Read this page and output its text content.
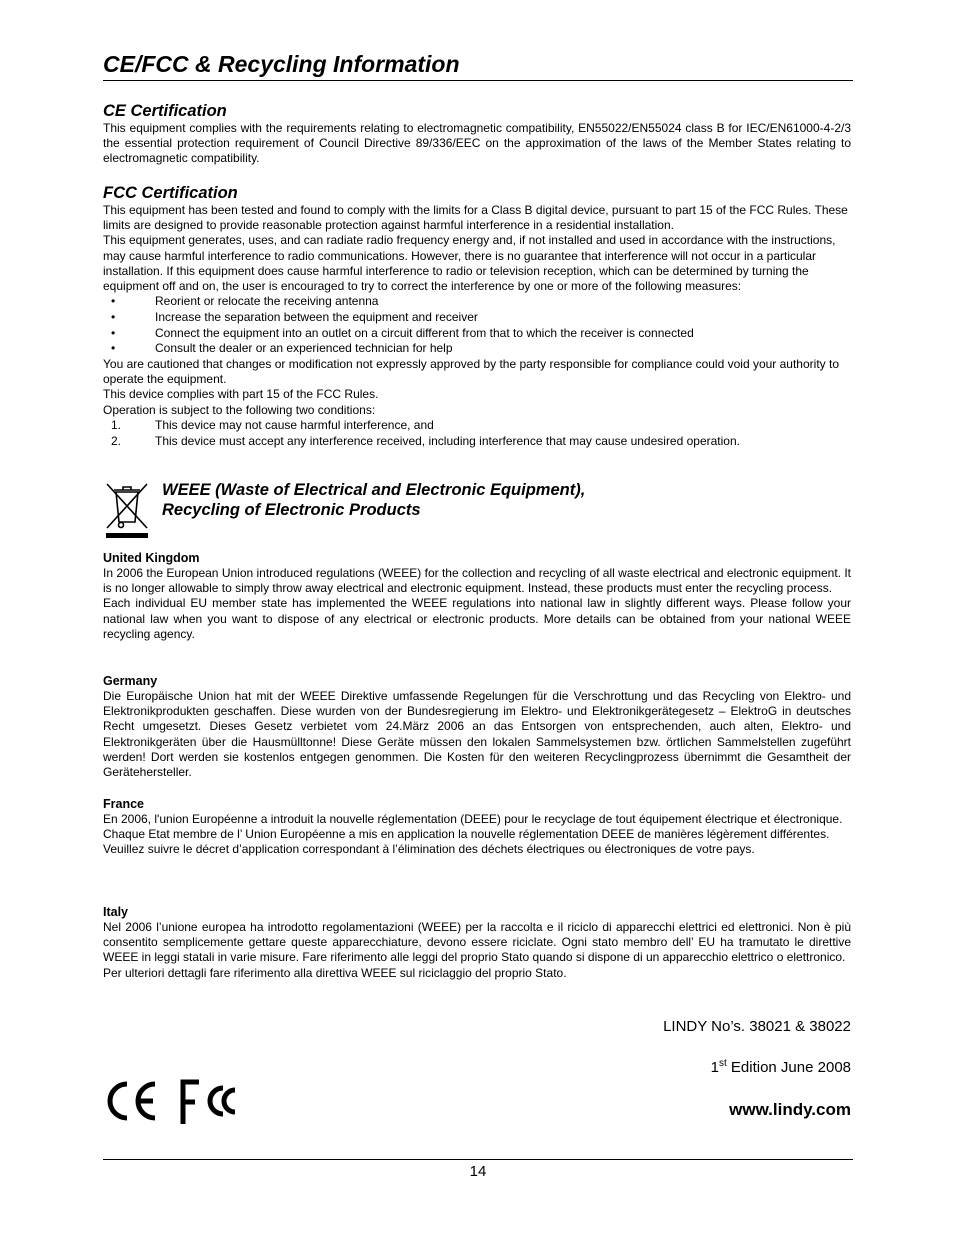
CE/FCC & Recycling Information
CE Certification

This equipment complies with the requirements relating to electromagnetic compatibility, EN55022/EN55024 class B for IEC/EN61000-4-2/3 the essential protection requirement of Council Directive 89/336/EEC on the approximation of the laws of the Member States relating to electromagnetic compatibility.

FCC Certification

This equipment has been tested and found to comply with the limits for a Class B digital device, pursuant to part 15 of the FCC Rules. These limits are designed to provide reasonable protection against harmful interference in a residential installation.

This equipment generates, uses, and can radiate radio frequency energy and, if not installed and used in accordance with the instructions, may cause harmful interference to radio communications. However, there is no guarantee that interference will not occur in a particular installation. If this equipment does cause harmful interference to radio or television reception, which can be determined by turning the equipment off and on, the user is encouraged to try to correct the interference by one or more of the following measures:

•	Reorient or relocate the receiving antenna
•	Increase the separation between the equipment and receiver
•	Connect the equipment into an outlet on a circuit different from that to which the receiver is connected
•	Consult the dealer or an experienced technician for help

You are cautioned that changes or modification not expressly approved by the party responsible for compliance could void your authority to operate the equipment.

This device complies with part 15 of the FCC Rules.

Operation is subject to the following two conditions:

1.	This device may not cause harmful interference, and
2.	This device must accept any interference received, including interference that may cause undesired operation.
WEEE (Waste of Electrical and Electronic Equipment),
Recycling of Electronic Products
United Kingdom

In 2006 the European Union introduced regulations (WEEE) for the collection and recycling of all waste electrical and electronic equipment. It is no longer allowable to simply throw away electrical and electronic equipment. Instead, these products must enter the recycling process.

Each individual EU member state has implemented the WEEE regulations into national law in slightly different ways. Please follow your national law when you want to dispose of any electrical or electronic products. More details can be obtained from your national WEEE recycling agency.

Germany

Die Europäische Union hat mit der WEEE Direktive umfassende Regelungen für die Verschrottung und das Recycling von Elektro- und Elektronikprodukten geschaffen. Diese wurden von der Bundesregierung im Elektro- und Elektronikgerätegesetz – ElektroG in deutsches Recht umgesetzt. Dieses Gesetz verbietet vom 24.März 2006 an das Entsorgen von entsprechenden, auch alten, Elektro- und Elektronikgeräten über die Hausmülltonne! Diese Geräte müssen den lokalen Sammelsystemen bzw. örtlichen Sammelstellen zugeführt werden! Dort werden sie kostenlos entgegen genommen. Die Kosten für den weiteren Recyclingprozess übernimmt die Gesamtheit der Gerätehersteller.

France

En 2006, l'union Européenne a introduit la nouvelle réglementation (DEEE) pour le recyclage de tout équipement électrique et électronique.

Chaque Etat membre de l’ Union Européenne a mis en application la nouvelle réglementation DEEE de manières légèrement différentes. Veuillez suivre le décret d’application correspondant à l’élimination des déchets électriques ou électroniques de votre pays.

Italy

Nel 2006 l’unione europea ha introdotto regolamentazioni (WEEE) per la raccolta e il riciclo di apparecchi elettrici ed elettronici. Non è più consentito semplicemente gettare queste apparecchiature, devono essere riciclate. Ogni stato membro dell’ EU ha tramutato le direttive WEEE in leggi statali in varie misure. Fare riferimento alle leggi del proprio Stato quando si dispone di un apparecchio elettrico o elettronico.

Per ulteriori dettagli fare riferimento alla direttiva WEEE sul riciclaggio del proprio Stato.

LINDY No’s. 38021 & 38022
1st Edition June 2008
www.lindy.com
14
